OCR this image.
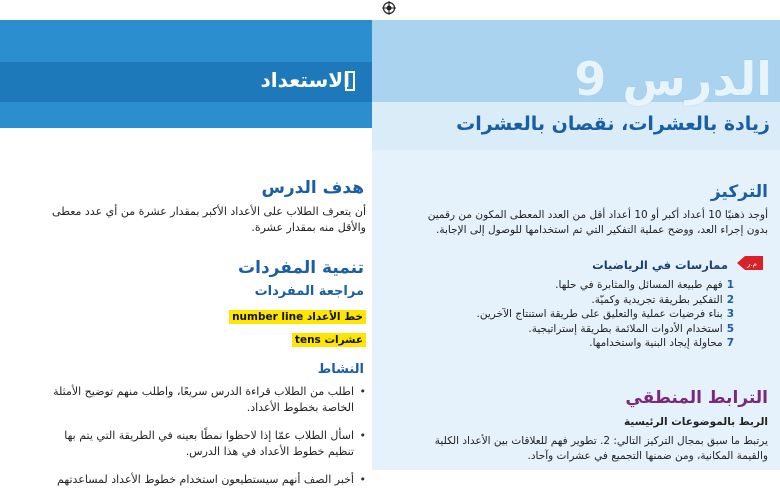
الاستعداد	الدرس 9
زيادة بالعشرات، نقصان بالعشرات
هدف الدرس
أن يتعرف الطلاب على الأعداد الأكبر بمقدار عشرة من أي عدد معطى
والأقل منه بمقدار عشرة.
تنمية المفردات
مراجعة المفردات
خط الأعداد number line
عشرات tens
النشاط
• اطلب من الطلاب قراءة الدرس سريعًا، واطلب منهم توضيح الأمثلة
الخاصة بخطوط الأعداد.
• اسأل الطلاب عمّا إذا لاحظوا نمطًا بعينه في الطريقة التي يتم بها
تنظيم خطوط الأعداد في هذا الدرس.
• أخبر الصف أنهم سيستطيعون استخدام خطوط الأعداد لمساعدتهم
التركيز
أوجد ذهنيًا 10 أعداد أكبر أو 10 أعداد أقل من العدد المعطى المكون من رقمين
بدون إجراء العد، ووضح عملية التفكير التي تم استخدامها للوصول إلى الإجابة.
م.ر
ممارسات في الرياضيات
1فهم طبيعة المسائل والمثابرة في حلها.
2التفكير بطريقة تجريدية وكميّة.
3بناء فرضيات عملية والتعليق على طريقة استنتاج الآخرين.
5استخدام الأدوات الملائمة بطريقة إستراتيجية.
7محاولة إيجاد البنية واستخدامها.
الترابط المنطقي
الربط بالموضوعات الرئيسية
يرتبط ما سبق بمجال التركيز التالي: 2. تطوير فهم للعلاقات بين الأعداد الكلية
والقيمة المكانية، ومن ضمنها التجميع في عشرات وآحاد.
